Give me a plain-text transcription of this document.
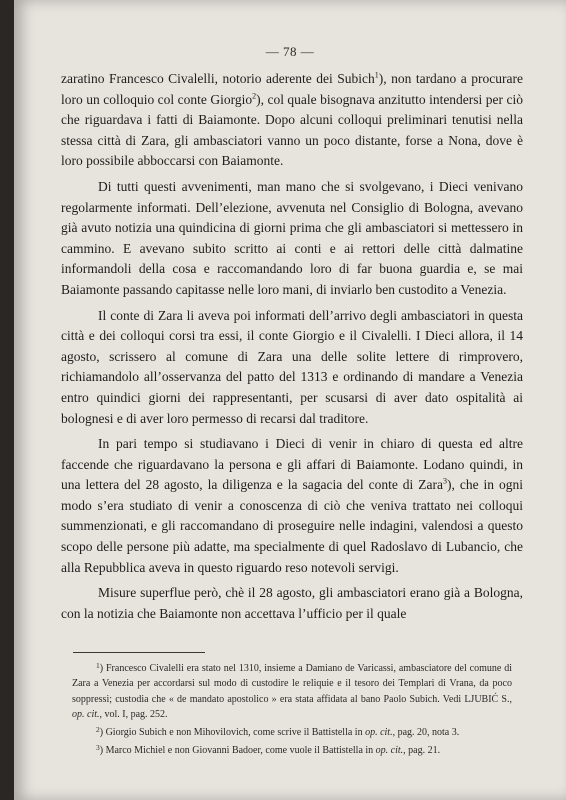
— 78 —

zaratino Francesco Civalelli, notorio aderente dei Subich$^1$), non tardano a procurare loro un colloquio col conte Giorgio$^2$), col quale bisognava anzitutto intendersi per ciò che riguardava i fatti di Baiamonte. Dopo alcuni colloqui preliminari tenutisi nella stessa città di Zara, gli ambasciatori vanno un poco distante, forse a Nona, dove è loro possibile abboccarsi con Baiamonte.

Di tutti questi avvenimenti, man mano che si svolgevano, i Dieci venivano regolarmente informati. Dell’elezione, avvenuta nel Consiglio di Bologna, avevano già avuto notizia una quindicina di giorni prima che gli ambasciatori si mettessero in cammino. E avevano subito scritto ai conti e ai rettori delle città dalmatine informandoli della cosa e raccomandando loro di far buona guardia e, se mai Baiamonte passando capitasse nelle loro mani, di inviarlo ben custodito a Venezia.

Il conte di Zara li aveva poi informati dell’arrivo degli ambasciatori in questa città e dei colloqui corsi tra essi, il conte Giorgio e il Civalelli. I Dieci allora, il 14 agosto, scrissero al comune di Zara una delle solite lettere di rimprovero, richiamandolo all’osservanza del patto del 1313 e ordinando di mandare a Venezia entro quindici giorni dei rappresentanti, per scusarsi di aver dato ospitalità ai bolognesi e di aver loro permesso di recarsi dal traditore.

In pari tempo si studiavano i Dieci di venir in chiaro di questa ed altre faccende che riguardavano la persona e gli affari di Baiamonte. Lodano quindi, in una lettera del 28 agosto, la diligenza e la sagacia del conte di Zara$^3$), che in ogni modo s’era studiato di venir a conoscenza di ciò che veniva trattato nei colloqui summenzionati, e gli raccomandano di proseguire nelle indagini, valendosi a questo scopo delle persone più adatte, ma specialmente di quel Radoslavo di Lubancio, che alla Repubblica aveva in questo riguardo reso notevoli servigi.

Misure superflue però, chè il 28 agosto, gli ambasciatori erano già a Bologna, con la notizia che Baiamonte non accettava l’ufficio per il quale

$^1$) Francesco Civalelli era stato nel 1310, insieme a Damiano de Varicassi, ambasciatore del comune di Zara a Venezia per accordarsi sul modo di custodire le reliquie e il tesoro dei Templari di Vrana, da poco soppressi; custodia che « de mandato apostolico » era stata affidata al bano Paolo Subich. Vedi LJUBIĆ S., op. cit., vol. I, pag. 252.

$^2$) Giorgio Subich e non Mihovilovich, come scrive il Battistella in op. cit., pag. 20, nota 3.

$^3$) Marco Michiel e non Giovanni Badoer, come vuole il Battistella in op. cit., pag. 21.
